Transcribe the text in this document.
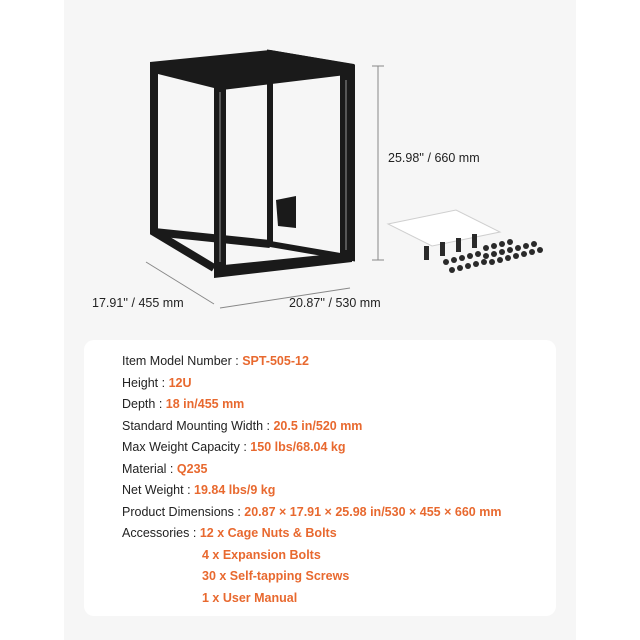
25.98'' / 660 mm
17.91'' / 455 mm	20.87'' / 530 mm
Item Model Number : SPT-505-12
Height : 12U
Depth : 18 in/455 mm
Standard Mounting Width : 20.5 in/520 mm
Max Weight Capacity : 150 lbs/68.04 kg
Material : Q235
Net Weight : 19.84 lbs/9 kg
Product Dimensions : 20.87 × 17.91 × 25.98 in/530 × 455 × 660 mm
Accessories : 12 x Cage Nuts & Bolts
4 x Expansion Bolts
30 x Self-tapping Screws
1 x User Manual
